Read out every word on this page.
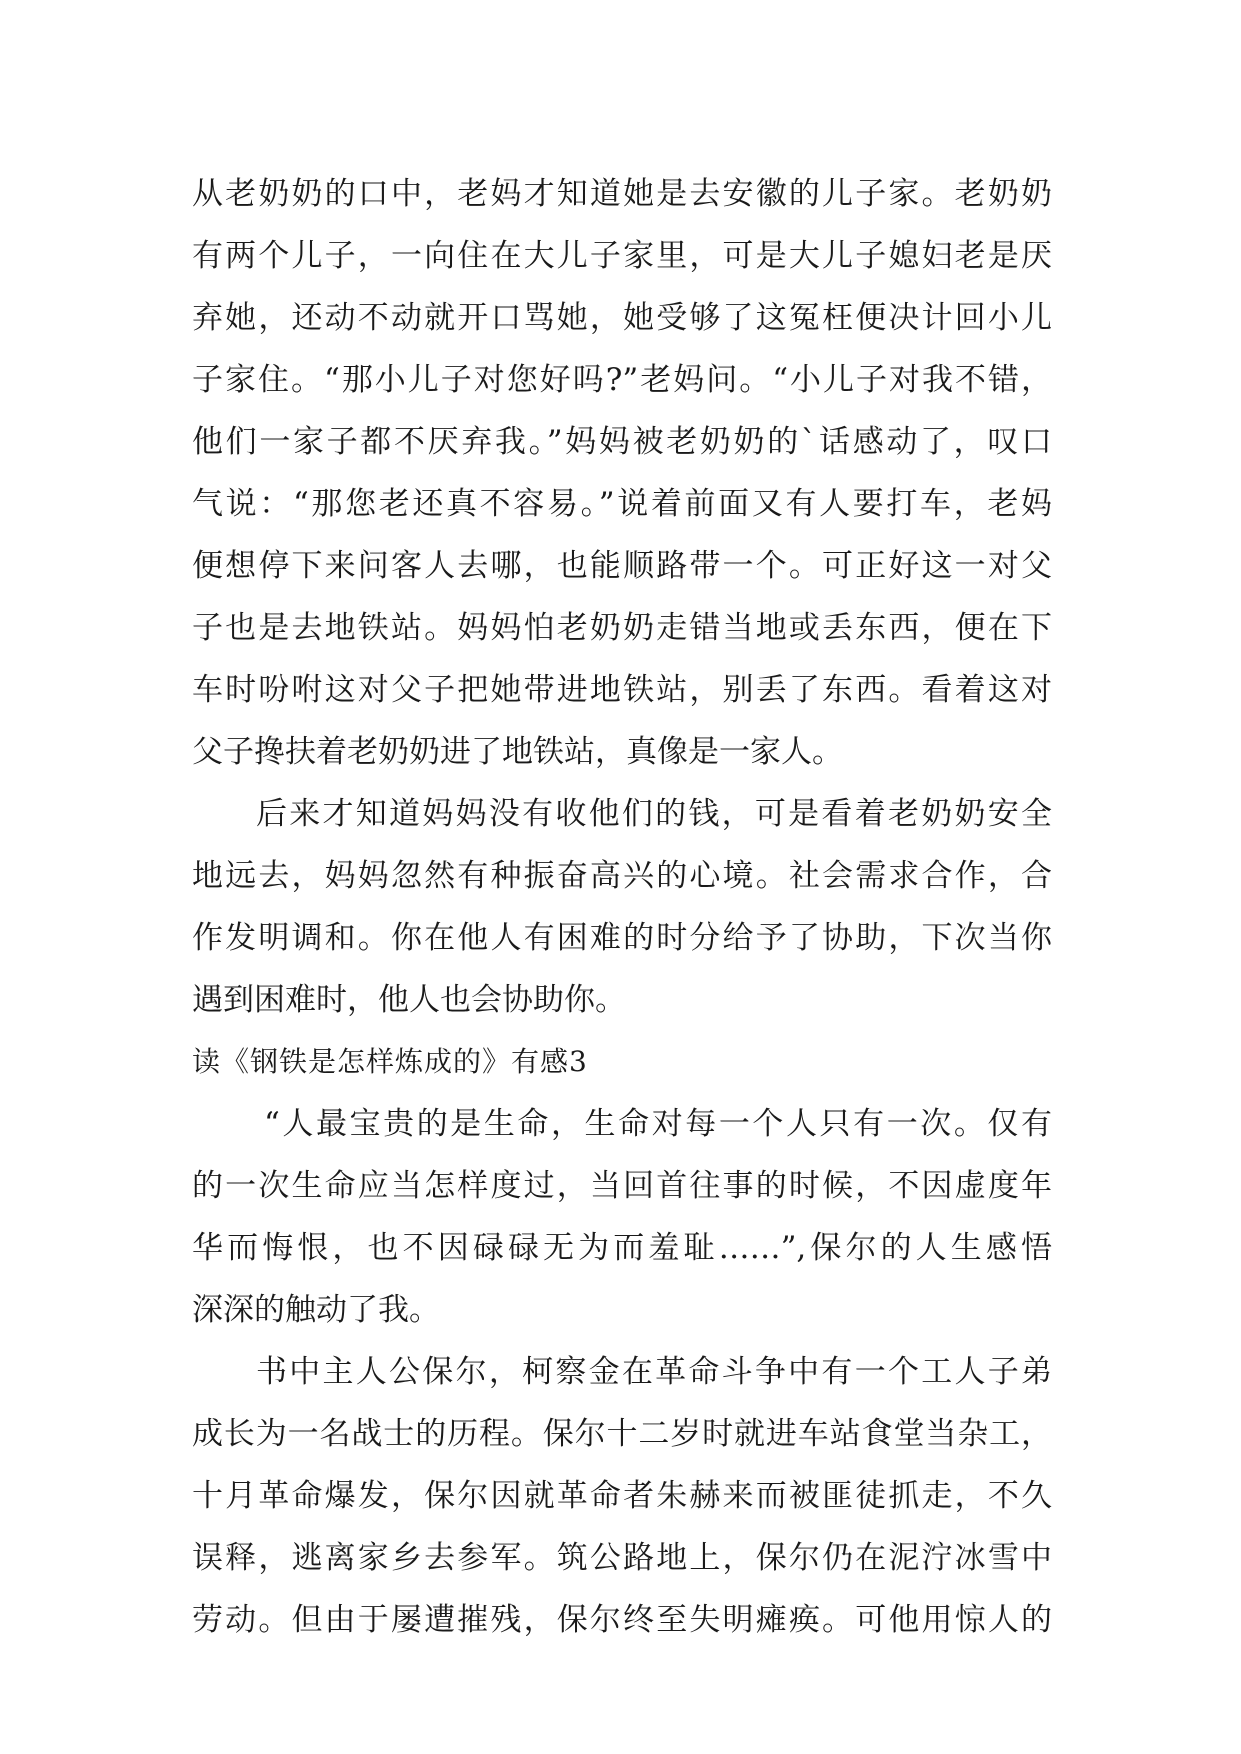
从老奶奶的口中，老妈才知道她是去安徽的儿子家。老奶奶
有两个儿子，一向住在大儿子家里，可是大儿子媳妇老是厌
弃她，还动不动就开口骂她，她受够了这冤枉便决计回小儿
子家住。“那小儿子对您好吗?”老妈问。“小儿子对我不错，
他们一家子都不厌弃我。”妈妈被老奶奶的`话感动了，叹口
气说：“那您老还真不容易。”说着前面又有人要打车，老妈
便想停下来问客人去哪，也能顺路带一个。可正好这一对父
子也是去地铁站。妈妈怕老奶奶走错当地或丢东西，便在下
车时吩咐这对父子把她带进地铁站，别丢了东西。看着这对
父子搀扶着老奶奶进了地铁站，真像是一家人。
后来才知道妈妈没有收他们的钱，可是看着老奶奶安全
地远去，妈妈忽然有种振奋高兴的心境。社会需求合作，合
作发明调和。你在他人有困难的时分给予了协助，下次当你
遇到困难时，他人也会协助你。
读《钢铁是怎样炼成的》有感3
“人最宝贵的是生命，生命对每一个人只有一次。仅有
的一次生命应当怎样度过，当回首往事的时候，不因虚度年
华而悔恨，也不因碌碌无为而羞耻……”,保尔的人生感悟
深深的触动了我。
书中主人公保尔，柯察金在革命斗争中有一个工人子弟
成长为一名战士的历程。保尔十二岁时就进车站食堂当杂工，
十月革命爆发，保尔因就革命者朱赫来而被匪徒抓走，不久
误释，逃离家乡去参军。筑公路地上，保尔仍在泥泞冰雪中
劳动。但由于屡遭摧残，保尔终至失明瘫痪。可他用惊人的
